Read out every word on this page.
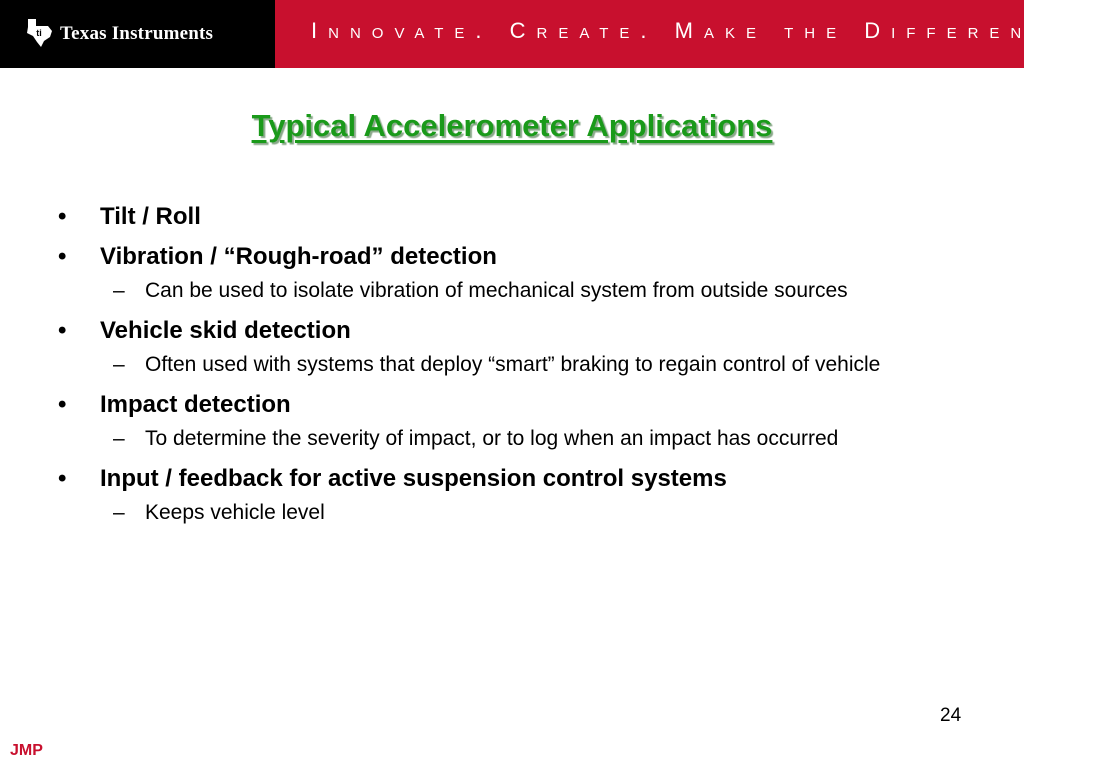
ti Texas Instruments	Innovate. Create. Make the Difference.™
Typical Accelerometer Applications
• Tilt / Roll
• Vibration / “Rough-road” detection
– Can be used to isolate vibration of mechanical system from outside sources
• Vehicle skid detection
– Often used with systems that deploy “smart” braking to regain control of vehicle
• Impact detection
– To determine the severity of impact, or to log when an impact has occurred
• Input / feedback for active suspension control systems
– Keeps vehicle level
24
JMP
